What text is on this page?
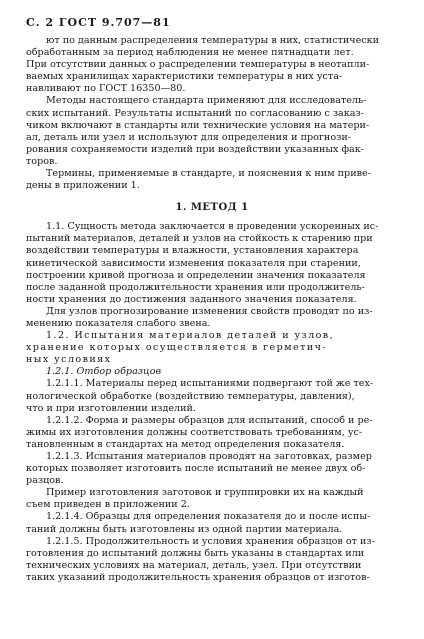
С. 2 ГОСТ 9.707—81
ют по данным распределения температуры в них, статистически
обработанным за период наблюдения не менее пятнадцати лет.
При отсутствии данных о распределении температуры в неотапли-
ваемых хранилищах характеристики температуры в них уста-
навливают по ГОСТ 16350—80.
Методы настоящего стандарта применяют для исследователь-
ских испытаний. Результаты испытаний по согласованию с заказ-
чиком включают в стандарты или технические условия на матери-
ал, деталь или узел и используют для определения и прогнози-
рования сохраняемости изделий при воздействии указанных фак-
торов.
Термины, применяемые в стандарте, и пояснения к ним приве-
дены в приложении 1.
1. МЕТОД 1
1.1. Сущность метода заключается в проведении ускоренных ис-
пытаний материалов, деталей и узлов на стойкость к старению при
воздействии температуры и влажности, установления характера
кинетической зависимости изменения показателя при старении,
построении кривой прогноза и определении значения показателя
после заданной продолжительности хранения или продолжитель-
ности хранения до достижения заданного значения показателя.
Для узлов прогнозирование изменения свойств проводят по из-
менению показателя слабого звена.
1.2. Испытания материалов деталей и узлов,
хранение которых осуществляется в герметич-
ных условиях
1.2.1. Отбор образцов
1.2.1.1. Материалы перед испытаниями подвергают той же тех-
нологической обработке (воздействию температуры, давления),
что и при изготовлении изделий.
1.2.1.2. Форма и размеры образцов для испытаний, способ и ре-
жимы их изготовления должны соответствовать требованиям, ус-
тановленным в стандартах на метод определения показателя.
1.2.1.3. Испытания материалов проводят на заготовках, размер
которых позволяет изготовить после испытаний не менее двух об-
разцов.
Пример изготовления заготовок и группировки их на каждый
съем приведен в приложении 2.
1.2.1.4. Образцы для определения показателя до и после испы-
таний должны быть изготовлены из одной партии материала.
1.2.1.5. Продолжительность и условия хранения образцов от из-
готовления до испытаний должны быть указаны в стандартах или
технических условиях на материал, деталь, узел. При отсутствии
таких указаний продолжительность хранения образцов от изготов-
